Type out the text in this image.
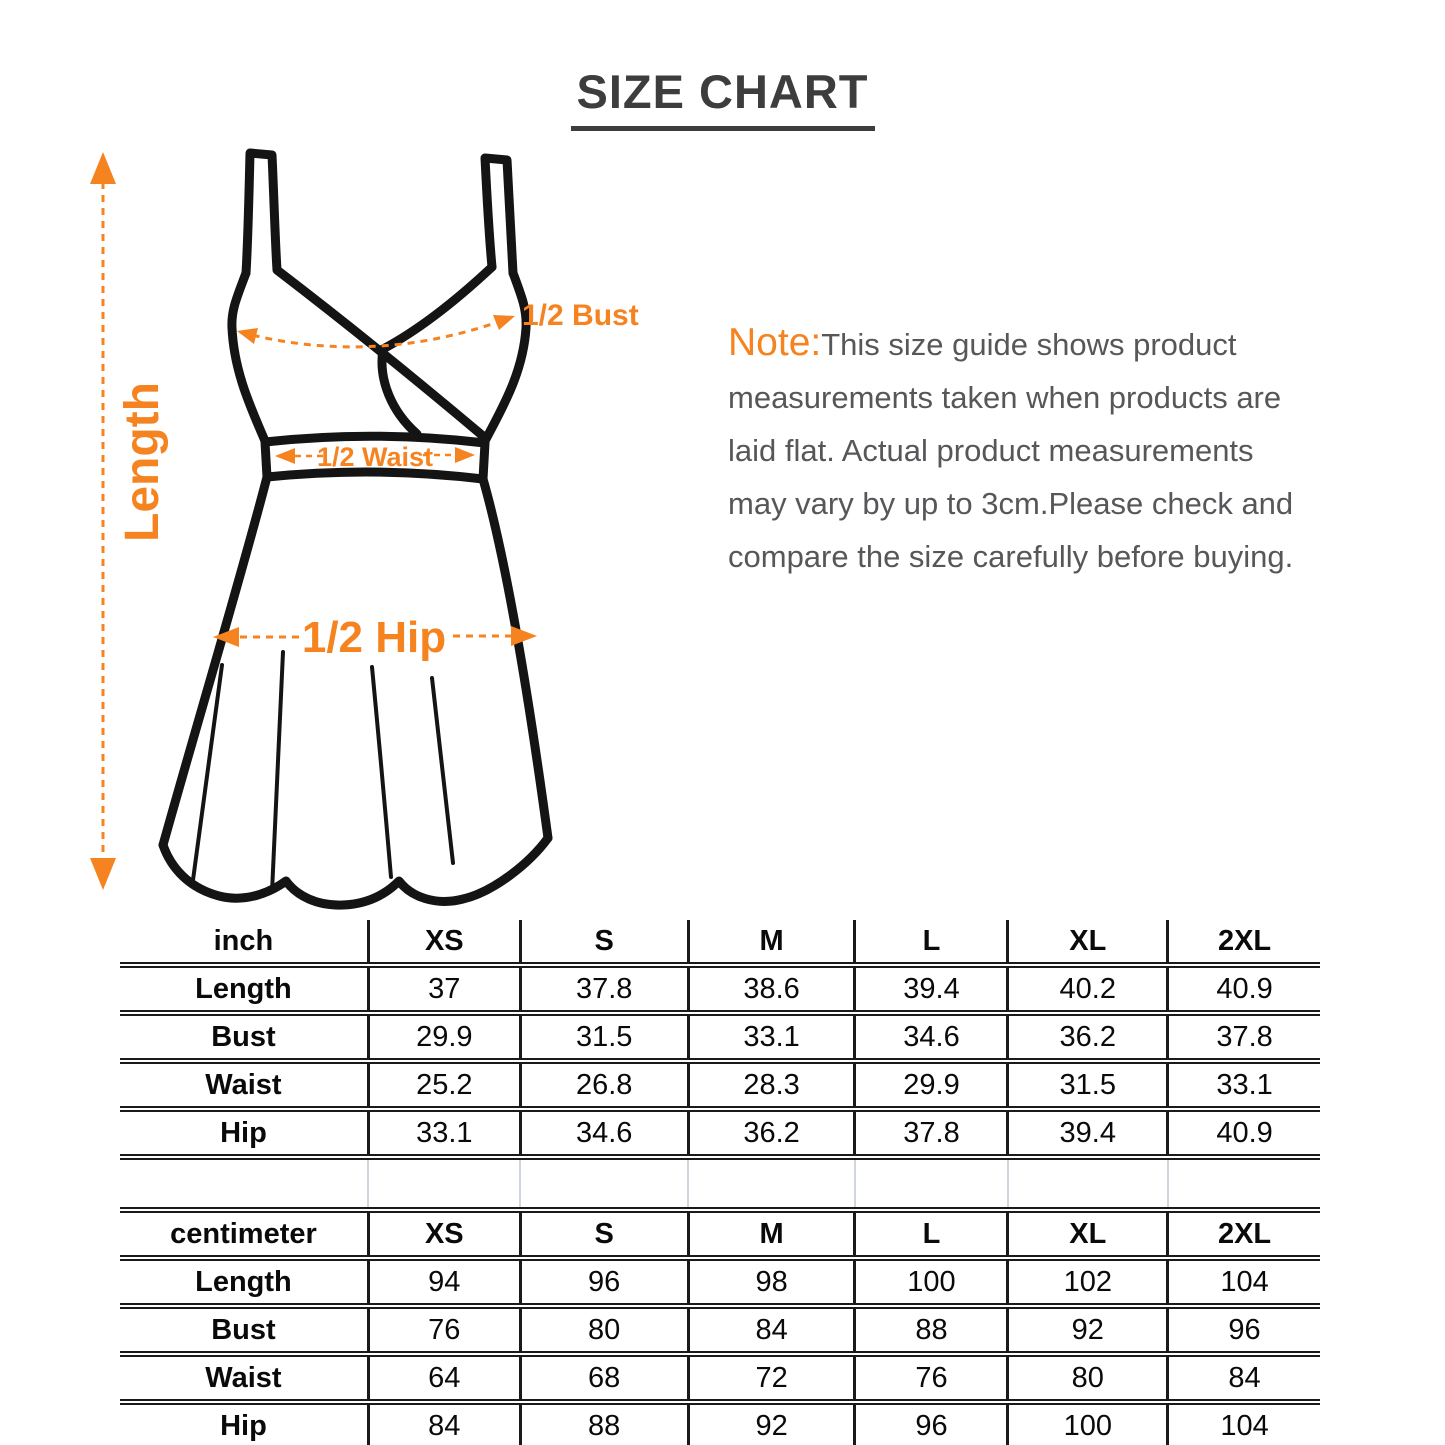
SIZE CHART
Note:This size guide shows product
measurements taken when products are
laid flat. Actual product measurements
may vary by up to 3cm.Please check and
compare the size carefully before buying.
Length
1/2 Bust
1/2 Waist
1/2 Hip
inch	XS	S	M	L	XL	2XL
Length	37	37.8	38.6	39.4	40.2	40.9
Bust	29.9	31.5	33.1	34.6	36.2	37.8
Waist	25.2	26.8	28.3	29.9	31.5	33.1
Hip	33.1	34.6	36.2	37.8	39.4	40.9

centimeter	XS	S	M	L	XL	2XL
Length	94	96	98	100	102	104
Bust	76	80	84	88	92	96
Waist	64	68	72	76	80	84
Hip	84	88	92	96	100	104
